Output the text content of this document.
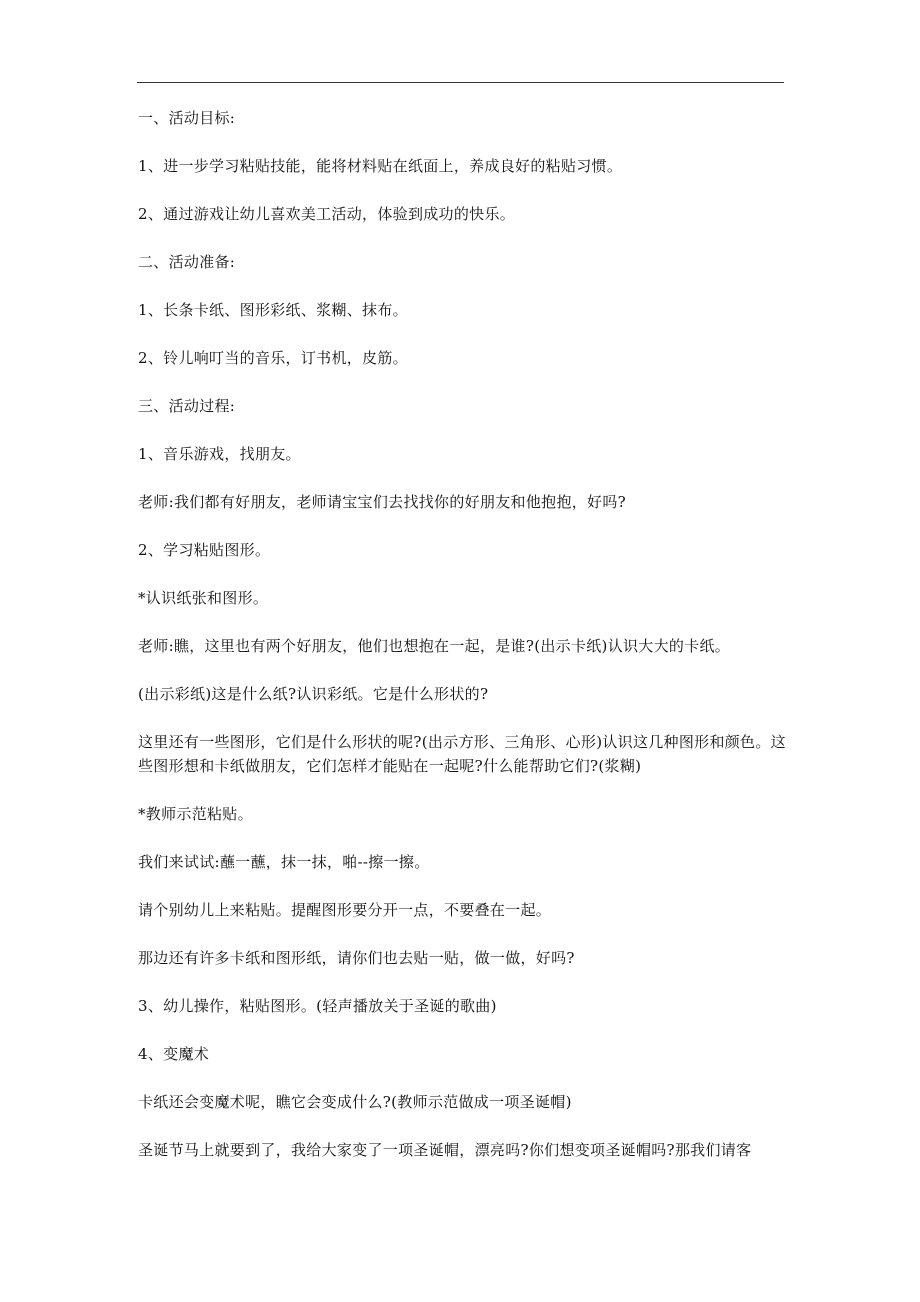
一、活动目标:

1、进一步学习粘贴技能，能将材料贴在纸面上，养成良好的粘贴习惯。

2、通过游戏让幼儿喜欢美工活动，体验到成功的快乐。

二、活动准备:

1、长条卡纸、图形彩纸、浆糊、抹布。

2、铃儿响叮当的音乐，订书机，皮筋。

三、活动过程:

1、音乐游戏，找朋友。

老师:我们都有好朋友，老师请宝宝们去找找你的好朋友和他抱抱，好吗?

2、学习粘贴图形。

*认识纸张和图形。

老师:瞧，这里也有两个好朋友，他们也想抱在一起，是谁?(出示卡纸)认识大大的卡纸。

(出示彩纸)这是什么纸?认识彩纸。它是什么形状的?

这里还有一些图形，它们是什么形状的呢?(出示方形、三角形、心形)认识这几种图形和颜色。这些图形想和卡纸做朋友，它们怎样才能贴在一起呢?什么能帮助它们?(浆糊)

*教师示范粘贴。

我们来试试:蘸一蘸，抹一抹，啪--擦一擦。

请个别幼儿上来粘贴。提醒图形要分开一点，不要叠在一起。

那边还有许多卡纸和图形纸，请你们也去贴一贴，做一做，好吗?

3、幼儿操作，粘贴图形。(轻声播放关于圣诞的歌曲)

4、变魔术

卡纸还会变魔术呢，瞧它会变成什么?(教师示范做成一项圣诞帽)

圣诞节马上就要到了，我给大家变了一项圣诞帽，漂亮吗?你们想变项圣诞帽吗?那我们请客
